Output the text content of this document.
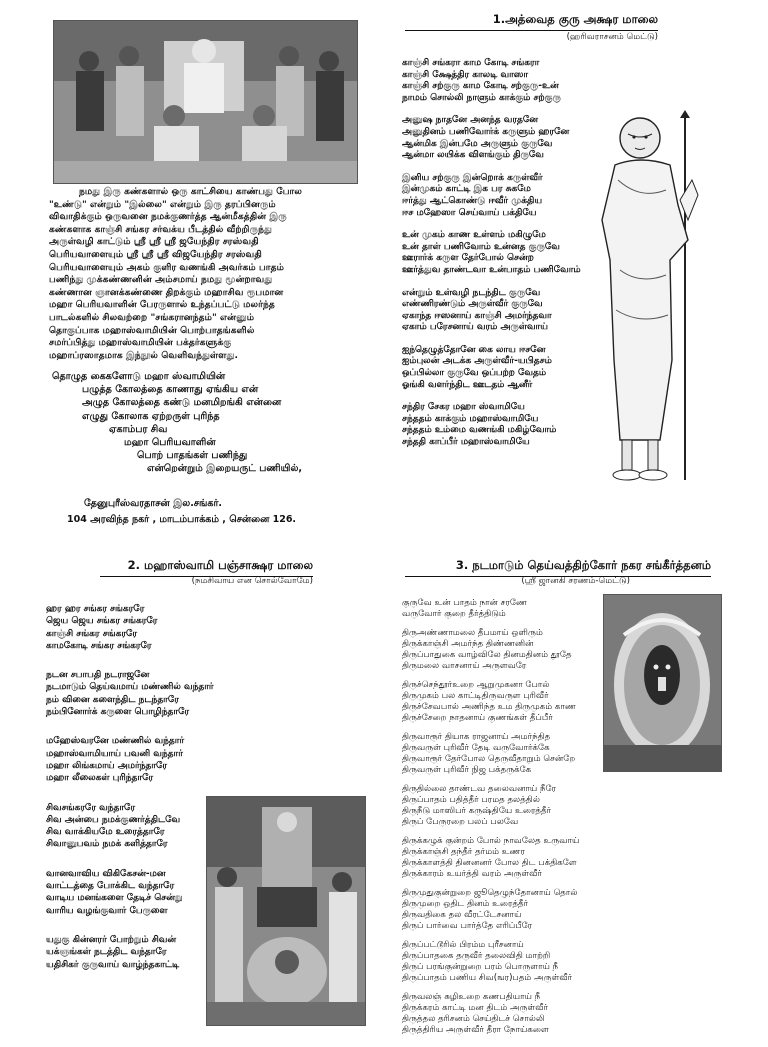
நமது இரு கண்களால் ஒரு காட்சியை காண்பது போல
"உண்டு" என்றும் "இல்லை" என்றும் இரு தரப்பினரும்
விவாதிக்கும் ஒருவனை நமக்குணர்த்த ஆன்மீகத்தின் இரு
கண்களாக காஞ்சி சங்கர சர்வக்ய பீடத்தில் வீற்றிருந்து
அருள்வழி காட்டும் ஸ்ரீ ஸ்ரீ ஸ்ரீ ஜயேந்திர சரஸ்வதி
பெரியவாளையும் ஸ்ரீ ஸ்ரீ ஸ்ரீ விஜயேந்திர சரஸ்வதி
பெரியவாளையும் அகம் குளிர வணங்கி அவர்கம் பாதம்
பணிந்து முக்கண்ணனின் அம்சமாய் நமது மூன்றாவது
கண்ணான ஞானக்கண்ணை திறக்கும் மஹாசிவ ரூபமான
மஹா பெரியவாளின் பேரருளால் உந்தப்பட்டு மலர்ந்த
பாடல்களில் சிலவற்றை "சங்கரானந்தம்" என்னும்
தொகுப்பாக மஹாஸ்வாமியின் பொற்பாதங்களில்
சமர்ப்பித்து மஹாஸ்வாமியின் பக்தர்களுக்கு
மஹாப்ரஸாதமாக இந்நூல் வெளிவந்துள்ளது.
தொழுத கைகளோடு மஹா ஸ்வாமியின்
பழுத்த கோலத்தை காணாது ஏங்கிய என்
அழுத கோலத்தை கண்டு மனமிறங்கி என்னை
எழுது கோலாக ஏற்றருள் புரிந்த
ஏகாம்பர சிவ
மஹா பெரியவாளின்
பொற் பாதங்கள் பணிந்து
என்றென்றும் இறையருட் பணியில்,
தேனுபுரீஸ்வரதாசன் இல.சங்கர்.
104 அரவிந்த நகர் , மாடம்பாக்கம் , சென்னை 126.
1.அத்வைத குரு அக்ஷர மாலை
(ஹரிவராசனம் மெட்டு)
காஞ்சி சங்கரா காம கோடி சங்கரா
காஞ்சி க்ஷேத்திர காலடி வாஸா
காஞ்சி சற்குரு காம கோடி சற்குரு-உன்
நாமம் சொல்லி நாளும் காக்கும் சற்குரு
அனுஷ நாதனே அனந்த வரதனே
அனுதினம் பணிவோர்க் கருளும் ஹரனே
ஆன்மிக இன்பமே அருளும் குருவே
ஆன்மா லயிக்க விளங்கும் திருவே
இனிய சற்குரு இன்றொக் கருள்வீர்
இன்முகம் காட்டி இக பர சுகமே
ஈர்த்து ஆட்கொண்டு ஈவீர் முக்திய
ஈச மஹேஸா செய்வாய் பக்தியே
உன் முகம் காண உள்ளம் மகிழுமே
உன் தாள் பணிவோம் உன்னத குருவே
ஊரார்க் கருள தேர்போல் சென்ற
ஊர்த்துவ தாண்டவா உன்பாதம் பணிவோம்
என்றும் உள்வழி நடந்திட குருவே
எண்ணிரண்டும் அருள்வீர் குருவே
ஏகாந்த ஈஸனாய் காஞ்சி அமர்ந்தவா
ஏகாம் பரேசனாய் வரம் அருள்வாய்
ஐந்தெழுத்தோனே கை லாய ஈசனே
ஐம்புலன் அடக்க அருள்வீர்-யபிதசம்
ஒப்பில்லா குருவே ஒப்பற்ற வேதம்
ஓங்கி வளர்ந்திட ஊடதம் ஆனீர்
சந்திர சேகர மஹா ஸ்வாமியே
சந்ததம் காக்கும் மஹாஸ்வாமியே
சந்ததம் உம்மை வணங்கி மகிழ்வோம்
சந்ததி காப்பீர் மஹாஸ்வாமியே
2. மஹாஸ்வாமி பஞ்சாக்ஷர மாலை
(நமசிவாய என சொல்வோமே)
ஹர ஹர சங்கர சங்கரரே
ஜெய ஜெய சங்கர சங்கரரே
காஞ்சி சங்கர சங்கரரே
காமகோடி சங்கர சங்கரரே
நடன சபாபதி நடராஜனே
நடமாடும் தெய்வமாய் மண்ணில் வந்தார்
நம் வினை களைந்திட நடந்தாரே
நம்பினோர்க் கருளை பொழிந்தாரே
மஹேஸ்வரனே மண்ணில் வந்தார்
மஹாஸ்வாமியாய் பவனி வந்தார்
மஹா லிங்கமாய் அமர்ந்தாரே
மஹா லீலைகள் புரிந்தாரே
சிவசங்கரரே வந்தாரே
சிவ அன்பை நமக்குணர்த்திடவே
சிவ வாக்கியமே உரைத்தாரே
சிவானுபவம் நமக் களித்தாரே
வானவாவிய விகிகேசன்-மன
வாட்டத்தை போக்கிட வந்தாரே
வாடிய மனங்களை தேடிச் சென்று
வாரிய வழங்குவார் பேருளை
யதுகு கின்னரர் போற்றும் சிவன்
யக்ஞங்கள் நடத்திட வந்தாரே
யதிசிகர் குருவாய் வாழ்ந்தகாட்டி
3. நடமாடும் தெய்வத்திற்கோர் நகர சங்கீர்த்தனம்
(ஸ்ரீ ஜானகி சரணம்-மெட்டு)
குருவே உன் பாதம் நான் சரணே
வருவோர் குறை தீர்த்திடும்
திருஅண்ணாமலை தீபமாய் ஒளிரும்
திருக்காஞ்சி அமர்ந்த திண்ணனின்
திருப்பாதுகை வாழ்விலே தினமதினம் தூதே
திருமலை வாசனாய் அருளவரே
திருச்செந்தூர்உறை ஆறுமுகனா போல்
திருமுகம் பல காட்டிதிருவருள புரிவீர்
திருச்சேவபால் அணிந்த உம திருமுகம் காண
திருச்சேறை நாதனாய் குணங்கள் தீப்பீர்
திருவாரூர் தியாக ராஜனாய் அமர்ந்தித
திருவருள் புரிவீர் தேடி வருவோர்க்கே
திருவாரூர் தேர்போல தெருவீதாறும் சென்றே
திருவருள் புரிவீர் நிஜ பக்தருக்கே
திருதில்லை தாண்டவ தலைவனாய் நீரே
திருப்பாதம் பதித்தீர் பரமத தலத்தில்
திருநீடு மாஸிபர் கருஷ்தியே உரைத்தீர்
திருப் பேருரறை பலப் பலவே
திருக்கழுக் குன்றம் போல் நாவலேத உருவாய்
திருக்காஞ்சி தந்தீர் தர்மம் உணர
திருக்காளத்தி தினனனர் போல திட பக்திகளே
திருக்காரம் உயர்த்தி வரம் அருள்வீர்
திருமுதுகுன்றுறை ஜூதெழுந்தோனாய் தொல்
திருமுறை ஒதிட தினம் உரைத்தீர்
திருவதிகை தல வீரட்டேசனாய்
திருப் பார்வை பார்த்தே எரிப்பீரே
திருப்பட்டூரில் பிரம்ம புரீசனாய்
திருப்பாதகை தருவீர் தலைவிதி மாற்றி
திருப் பரங்குன்றுறை பரம் பொருளாய் நீ
திருப்பாதம் பணிய சிவ(ஙர)பதம் அருள்வீர்
திருவலஞ் சுழிஉறை கணபதியாய் நீ
திருக்கரம் காட்டி மன திடம் அருள்வீர்
திருத்தல தரிசனம் செய்திடச் சொல்லி
திருத்திரிய அருள்வீர் தீரா நோய்களை
